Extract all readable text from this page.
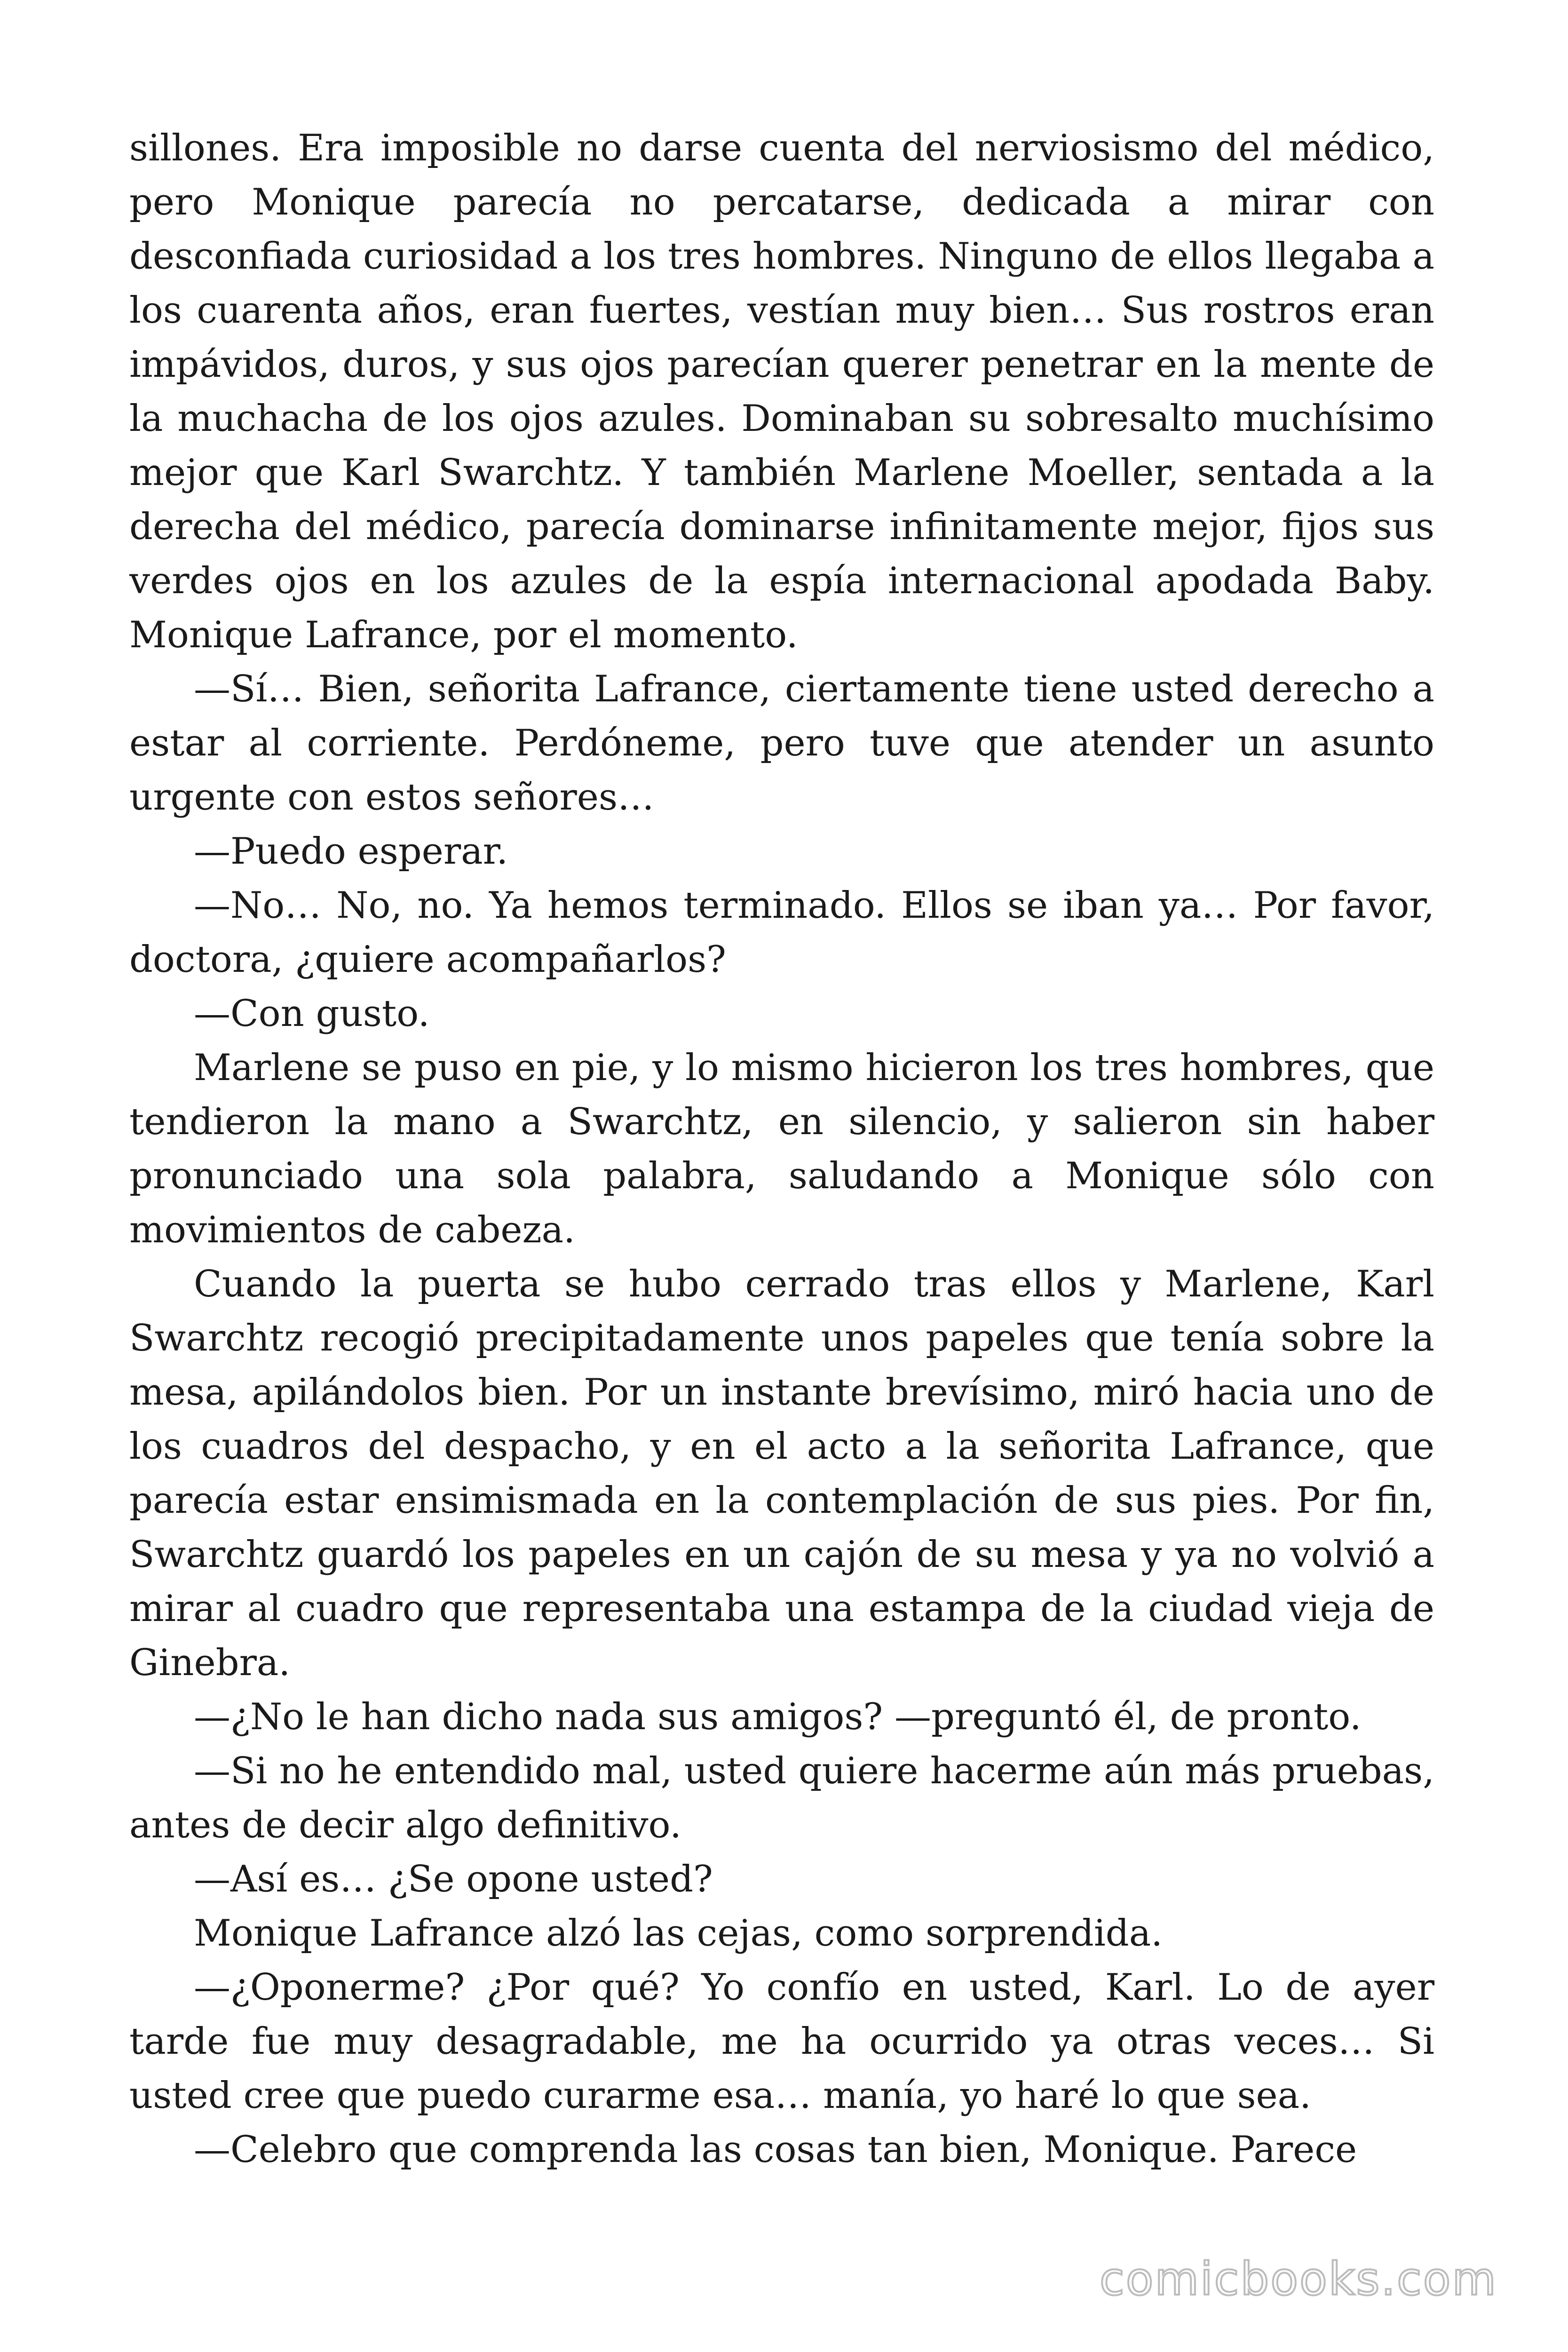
sillones. Era imposible no darse cuenta del nerviosismo del médico, pero Monique parecía no percatarse, dedicada a mirar con desconfiada curiosidad a los tres hombres. Ninguno de ellos llegaba a los cuarenta años, eran fuertes, vestían muy bien… Sus rostros eran impávidos, duros, y sus ojos parecían querer penetrar en la mente de la muchacha de los ojos azules. Dominaban su sobresalto muchísimo mejor que Karl Swarchtz. Y también Marlene Moeller, sentada a la derecha del médico, parecía dominarse infinitamente mejor, fijos sus verdes ojos en los azules de la espía internacional apodada Baby. Monique Lafrance, por el momento.

—Sí… Bien, señorita Lafrance, ciertamente tiene usted derecho a estar al corriente. Perdóneme, pero tuve que atender un asunto urgente con estos señores…

—Puedo esperar.

—No… No, no. Ya hemos terminado. Ellos se iban ya… Por favor, doctora, ¿quiere acompañarlos?

—Con gusto.

Marlene se puso en pie, y lo mismo hicieron los tres hombres, que tendieron la mano a Swarchtz, en silencio, y salieron sin haber pronunciado una sola palabra, saludando a Monique sólo con movimientos de cabeza.

Cuando la puerta se hubo cerrado tras ellos y Marlene, Karl Swarchtz recogió precipitadamente unos papeles que tenía sobre la mesa, apilándolos bien. Por un instante brevísimo, miró hacia uno de los cuadros del despacho, y en el acto a la señorita Lafrance, que parecía estar ensimismada en la contemplación de sus pies. Por fin, Swarchtz guardó los papeles en un cajón de su mesa y ya no volvió a mirar al cuadro que representaba una estampa de la ciudad vieja de Ginebra.

—¿No le han dicho nada sus amigos? —preguntó él, de pronto.

—Si no he entendido mal, usted quiere hacerme aún más pruebas, antes de decir algo definitivo.

—Así es… ¿Se opone usted?

Monique Lafrance alzó las cejas, como sorprendida.

—¿Oponerme? ¿Por qué? Yo confío en usted, Karl. Lo de ayer tarde fue muy desagradable, me ha ocurrido ya otras veces… Si usted cree que puedo curarme esa… manía, yo haré lo que sea.

—Celebro que comprenda las cosas tan bien, Monique. Parece

comicbooks.com
